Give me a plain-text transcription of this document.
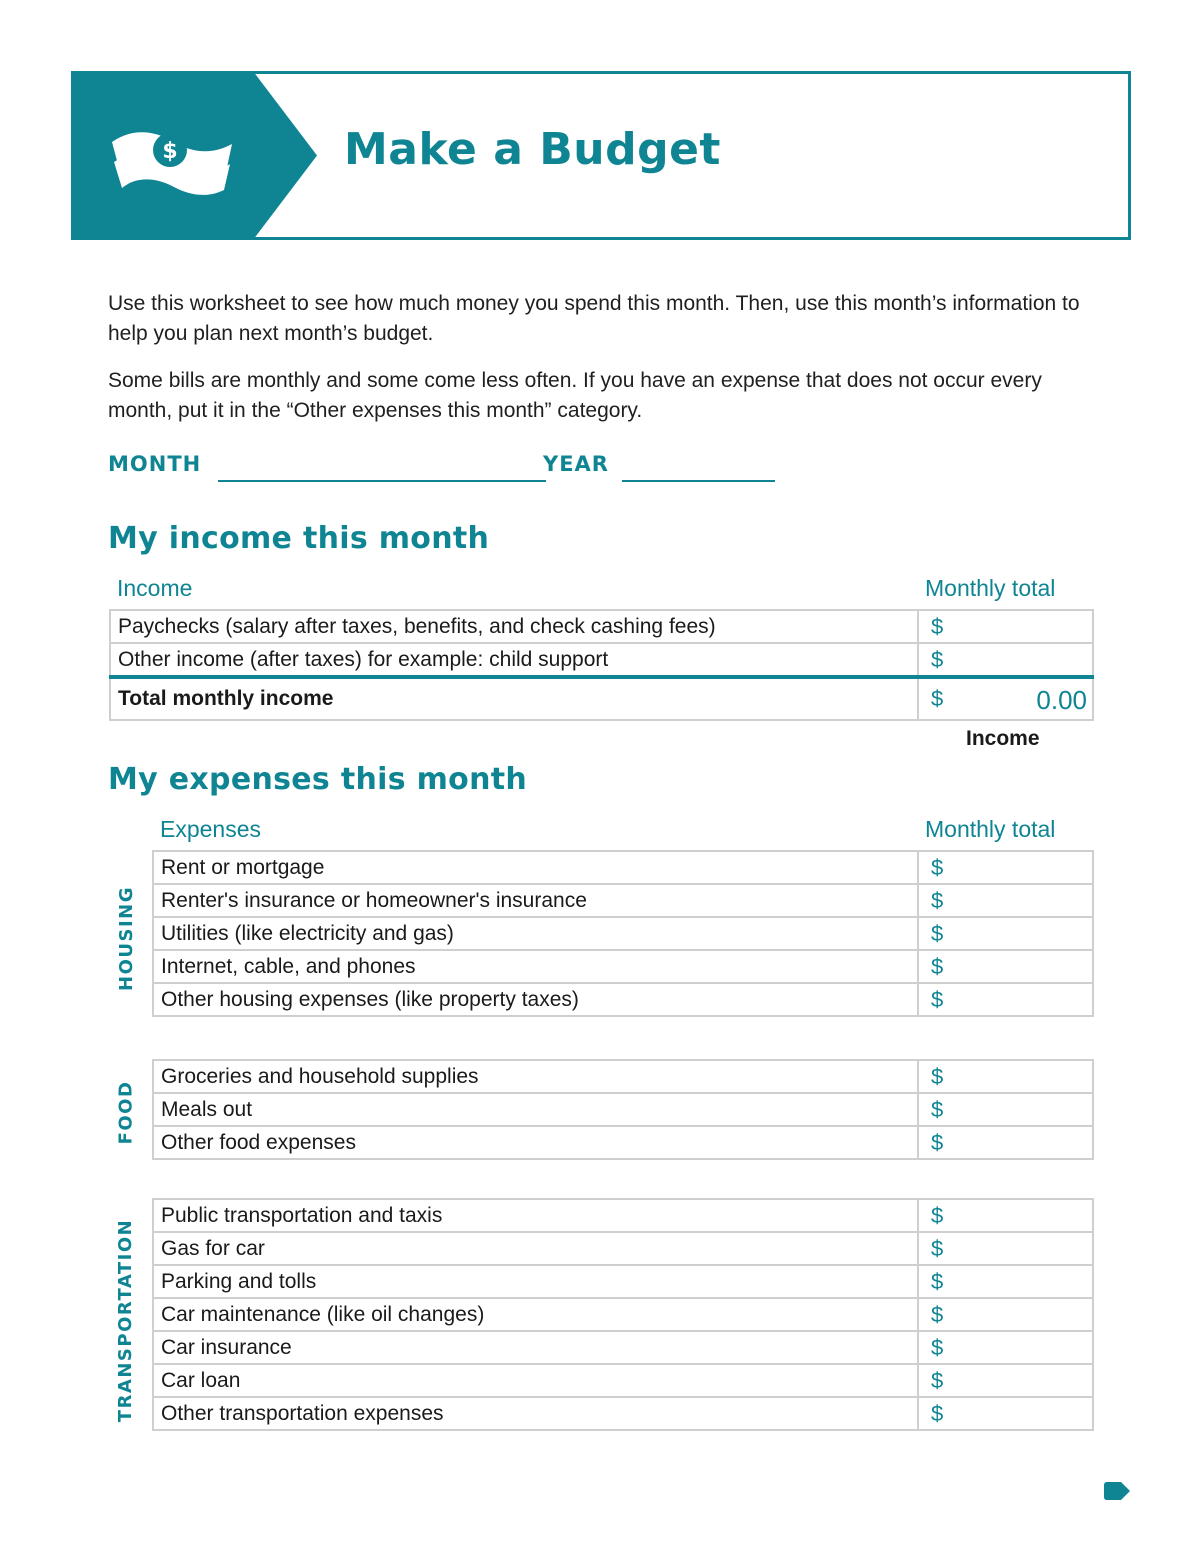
$	Make a Budget

Use this worksheet to see how much money you spend this month. Then, use this month’s information to help you plan next month’s budget.

Some bills are monthly and some come less often. If you have an expense that does not occur every month, put it in the “Other expenses this month” category.

MONTH	YEAR
My income this month
Income	Monthly total
Paychecks (salary after taxes, benefits, and check cashing fees)	$
Other income (after taxes) for example: child support	$
Total monthly income	$ 0.00
Income
My expenses this month
Expenses	Monthly total
HOUSING
Rent or mortgage	$
Renter's insurance or homeowner's insurance	$
Utilities (like electricity and gas)	$
Internet, cable, and phones	$
Other housing expenses (like property taxes)	$
FOOD
Groceries and household supplies	$
Meals out	$
Other food expenses	$
TRANSPORTATION
Public transportation and taxis	$
Gas for car	$
Parking and tolls	$
Car maintenance (like oil changes)	$
Car insurance	$
Car loan	$
Other transportation expenses	$
